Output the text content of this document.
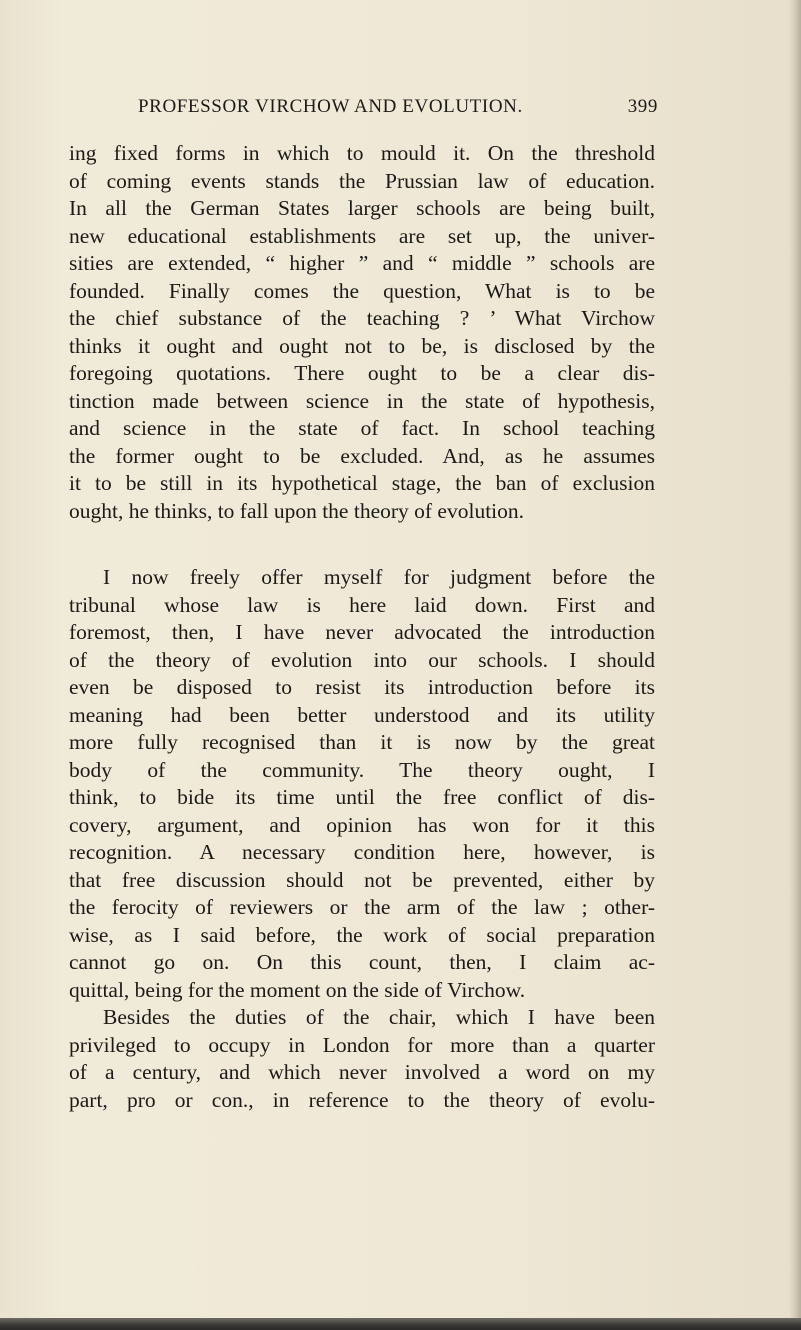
PROFESSOR VIRCHOW AND EVOLUTION.	399
ing fixed forms in which to mould it. On the threshold
of coming events stands the Prussian law of education.
In all the German States larger schools are being built,
new educational establishments are set up, the univer-
sities are extended, “ higher ” and “ middle ” schools are
founded. Finally comes the question, What is to be
the chief substance of the teaching ? ’ What Virchow
thinks it ought and ought not to be, is disclosed by the
foregoing quotations. There ought to be a clear dis-
tinction made between science in the state of hypothesis,
and science in the state of fact. In school teaching
the former ought to be excluded. And, as he assumes
it to be still in its hypothetical stage, the ban of exclusion
ought, he thinks, to fall upon the theory of evolution.
I now freely offer myself for judgment before the
tribunal whose law is here laid down. First and
foremost, then, I have never advocated the introduction
of the theory of evolution into our schools. I should
even be disposed to resist its introduction before its
meaning had been better understood and its utility
more fully recognised than it is now by the great
body of the community. The theory ought, I
think, to bide its time until the free conflict of dis-
covery, argument, and opinion has won for it this
recognition. A necessary condition here, however, is
that free discussion should not be prevented, either by
the ferocity of reviewers or the arm of the law ; other-
wise, as I said before, the work of social preparation
cannot go on. On this count, then, I claim ac-
quittal, being for the moment on the side of Virchow.
Besides the duties of the chair, which I have been
privileged to occupy in London for more than a quarter
of a century, and which never involved a word on my
part, pro or con., in reference to the theory of evolu-
